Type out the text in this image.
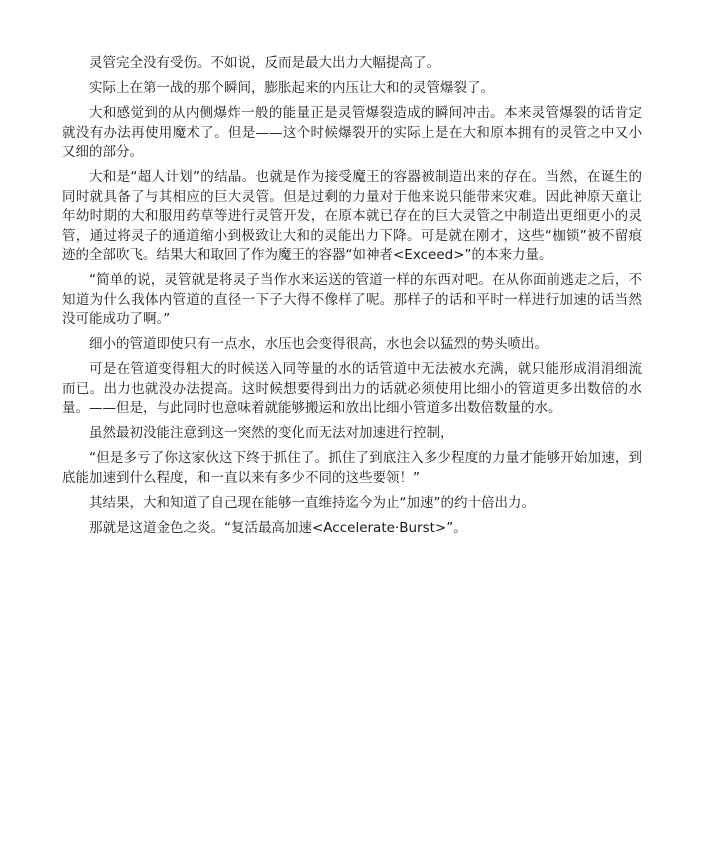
灵管完全没有受伤。不如说，反而是最大出力大幅提高了。

实际上在第一战的那个瞬间，膨胀起来的内压让大和的灵管爆裂了。

大和感觉到的从内侧爆炸一般的能量正是灵管爆裂造成的瞬间冲击。本来灵管爆裂的话肯定就没有办法再使用魔术了。但是——这个时候爆裂开的实际上是在大和原本拥有的灵管之中又小又细的部分。

大和是“超人计划”的结晶。也就是作为接受魔王的容器被制造出来的存在。当然，在诞生的同时就具备了与其相应的巨大灵管。但是过剩的力量对于他来说只能带来灾难。因此神原天童让年幼时期的大和服用药草等进行灵管开发，在原本就已存在的巨大灵管之中制造出更细更小的灵管，通过将灵子的通道缩小到极致让大和的灵能出力下降。可是就在刚才，这些“枷锁”被不留痕迹的全部吹飞。结果大和取回了作为魔王的容器“如神者<Exceed>”的本来力量。

“简单的说，灵管就是将灵子当作水来运送的管道一样的东西对吧。在从你面前逃走之后，不知道为什么我体内管道的直径一下子大得不像样了呢。那样子的话和平时一样进行加速的话当然没可能成功了啊。”

细小的管道即使只有一点水，水压也会变得很高，水也会以猛烈的势头喷出。

可是在管道变得粗大的时候送入同等量的水的话管道中无法被水充满，就只能形成涓涓细流而已。出力也就没办法提高。这时候想要得到出力的话就必须使用比细小的管道更多出数倍的水量。——但是，与此同时也意味着就能够搬运和放出比细小管道多出数倍数量的水。

虽然最初没能注意到这一突然的变化而无法对加速进行控制，

“但是多亏了你这家伙这下终于抓住了。抓住了到底注入多少程度的力量才能够开始加速，到底能加速到什么程度，和一直以来有多少不同的这些要领！”

其结果，大和知道了自己现在能够一直维持迄今为止“加速”的约十倍出力。

那就是这道金色之炎。“复活最高加速<Accelerate·Burst>”。
